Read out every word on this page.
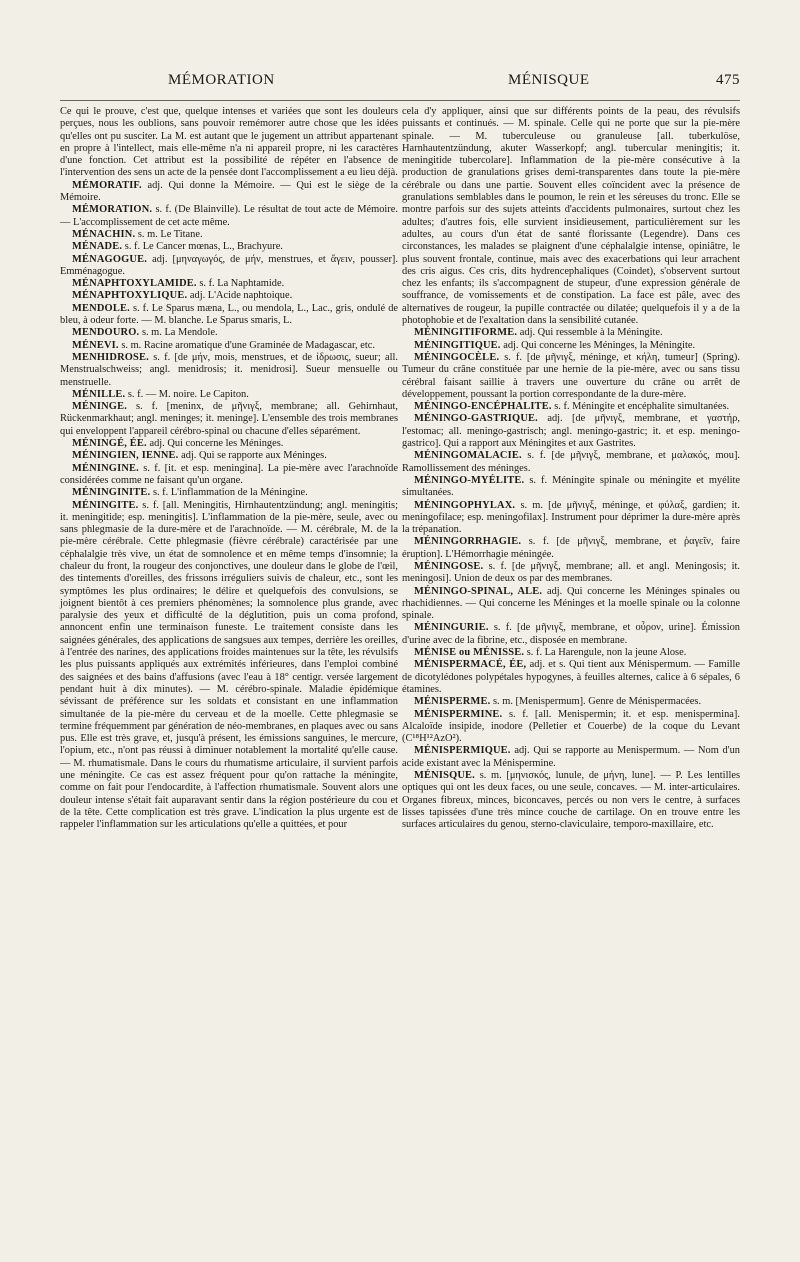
MÉMORATION	MÉNISQUE	475

Ce qui le prouve, c'est que, quelque intenses et variées que sont les douleurs perçues, nous les oublions, sans pouvoir remémorer autre chose que les idées qu'elles ont pu susciter. La M. est autant que le jugement un attribut appartenant en propre à l'intellect, mais elle-même n'a ni appareil propre, ni les caractères d'une fonction. Cet attribut est la possibilité de répéter en l'absence de l'intervention des sens un acte de la pensée dont l'accomplissement a eu lieu déjà.

MÉMORATIF. adj. Qui donne la Mémoire. — Qui est le siège de la Mémoire.

MÉMORATION. s. f. (De Blainville). Le résultat de tout acte de Mémoire. — L'accomplissement de cet acte même.

MÉNACHIN. s. m. Le Titane.

MÉNADE. s. f. Le Cancer mœnas, L., Brachyure.

MÉNAGOGUE. adj. [μηναγωγός, de μήν, menstrues, et ἄγειν, pousser]. Emménagogue.

MÉNAPHTOXYLAMIDE. s. f. La Naphtamide.

MÉNAPHTOXYLIQUE. adj. L'Acide naphtoique.

MENDOLE. s. f. Le Sparus mæna, L., ou mendola, L., Lac., gris, ondulé de bleu, à odeur forte. — M. blanche. Le Sparus smaris, L.

MENDOURO. s. m. La Mendole.

MÉNEVI. s. m. Racine aromatique d'une Graminée de Madagascar, etc.

MENHIDROSE. s. f. [de μήν, mois, menstrues, et de ἱδρωσις, sueur; all. Menstrualschweiss; angl. menidrosis; it. menidrosi]. Sueur mensuelle ou menstruelle.

MÉNILLE. s. f. — M. noire. Le Capiton.

MÉNINGE. s. f. [meninx, de μῆνιγξ, membrane; all. Gehirnhaut, Rückenmarkhaut; angl. meninges; it. meninge]. L'ensemble des trois membranes qui enveloppent l'appareil cérébro-spinal ou chacune d'elles séparément.

MÉNINGÉ, ÉE. adj. Qui concerne les Méninges.

MÉNINGIEN, IENNE. adj. Qui se rapporte aux Méninges.

MÉNINGINE. s. f. [it. et esp. meningina]. La pie-mère avec l'arachnoïde considérées comme ne faisant qu'un organe.

MÉNINGINITE. s. f. L'inflammation de la Méningine.

MÉNINGITE. s. f. [all. Meningitis, Hirnhautentzündung; angl. meningitis; it. meningitide; esp. meningitis]. L'inflammation de la pie-mère, seule, avec ou sans phlegmasie de la dure-mère et de l'arachnoïde. — M. cérébrale, M. de la pie-mère cérébrale. Cette phlegmasie (fièvre cérébrale) caractérisée par une céphalalgie très vive, un état de somnolence et en même temps d'insomnie; la chaleur du front, la rougeur des conjonctives, une douleur dans le globe de l'œil, des tintements d'oreilles, des frissons irréguliers suivis de chaleur, etc., sont les symptômes les plus ordinaires; le délire et quelquefois des convulsions, se joignent bientôt à ces premiers phénomènes; la somnolence plus grande, avec paralysie des yeux et difficulté de la déglutition, puis un coma profond, annoncent enfin une terminaison funeste. Le traitement consiste dans les saignées générales, des applications de sangsues aux tempes, derrière les oreilles, à l'entrée des narines, des applications froides maintenues sur la tête, les révulsifs les plus puissants appliqués aux extrémités inférieures, dans l'emploi combiné des saignées et des bains d'affusions (avec l'eau à 18° centigr. versée largement pendant huit à dix minutes). — M. cérébro-spinale. Maladie épidémique sévissant de préférence sur les soldats et consistant en une inflammation simultanée de la pie-mère du cerveau et de la moelle. Cette phlegmasie se termine fréquemment par génération de néo-membranes, en plaques avec ou sans pus. Elle est très grave, et, jusqu'à présent, les émissions sanguines, le mercure, l'opium, etc., n'ont pas réussi à diminuer notablement la mortalité qu'elle cause. — M. rhumatismale. Dans le cours du rhumatisme articulaire, il survient parfois une méningite. Ce cas est assez fréquent pour qu'on rattache la méningite, comme on fait pour l'endocardite, à l'affection rhumatismale. Souvent alors une douleur intense s'était fait auparavant sentir dans la région postérieure du cou et de la tête. Cette complication est très grave. L'indication la plus urgente est de rappeler l'inflammation sur les articulations qu'elle a quittées, et pour

cela d'y appliquer, ainsi que sur différents points de la peau, des révulsifs puissants et continués. — M. spinale. Celle qui ne porte que sur la pie-mère spinale. — M. tuberculeuse ou granuleuse [all. tuberkulöse, Harnhautentzündung, akuter Wasserkopf; angl. tubercular meningitis; it. meningitide tubercolare]. Inflammation de la pie-mère consécutive à la production de granulations grises demi-transparentes dans toute la pie-mère cérébrale ou dans une partie. Souvent elles coïncident avec la présence de granulations semblables dans le poumon, le rein et les séreuses du tronc. Elle se montre parfois sur des sujets atteints d'accidents pulmonaires, surtout chez les adultes; d'autres fois, elle survient insidieusement, particulièrement sur les adultes, au cours d'un état de santé florissante (Legendre). Dans ces circonstances, les malades se plaignent d'une céphalalgie intense, opiniâtre, le plus souvent frontale, continue, mais avec des exacerbations qui leur arrachent des cris aigus. Ces cris, dits hydrencephaliques (Coindet), s'observent surtout chez les enfants; ils s'accompagnent de stupeur, d'une expression générale de souffrance, de vomissements et de constipation. La face est pâle, avec des alternatives de rougeur, la pupille contractée ou dilatée; quelquefois il y a de la photophobie et de l'exaltation dans la sensibilité cutanée.

MÉNINGITIFORME. adj. Qui ressemble à la Méningite.

MÉNINGITIQUE. adj. Qui concerne les Méninges, la Méningite.

MÉNINGOCÈLE. s. f. [de μῆνιγξ, méninge, et κήλη, tumeur] (Spring). Tumeur du crâne constituée par une hernie de la pie-mère, avec ou sans tissu cérébral faisant saillie à travers une ouverture du crâne ou arrêt de développement, poussant la portion correspondante de la dure-mère.

MÉNINGO-ENCÉPHALITE. s. f. Méningite et encéphalite simultanées.

MÉNINGO-GASTRIQUE. adj. [de μῆνιγξ, membrane, et γαστήρ, l'estomac; all. meningo-gastrisch; angl. meningo-gastric; it. et esp. meningo-gastrico]. Qui a rapport aux Méningites et aux Gastrites.

MÉNINGOMALACIE. s. f. [de μῆνιγξ, membrane, et μαλακός, mou]. Ramollissement des méninges.

MÉNINGO-MYÉLITE. s. f. Méningite spinale ou méningite et myélite simultanées.

MÉNINGOPHYLAX. s. m. [de μῆνιγξ, méninge, et φύλαξ, gardien; it. meningofilace; esp. meningofilax]. Instrument pour déprimer la dure-mère après la trépanation.

MÉNINGORRHAGIE. s. f. [de μῆνιγξ, membrane, et ῥαγεῖν, faire éruption]. L'Hémorrhagie méningée.

MÉNINGOSE. s. f. [de μῆνιγξ, membrane; all. et angl. Meningosis; it. meningosi]. Union de deux os par des membranes.

MÉNINGO-SPINAL, ALE. adj. Qui concerne les Méninges spinales ou rhachidiennes. — Qui concerne les Méninges et la moelle spinale ou la colonne spinale.

MÉNINGURIE. s. f. [de μῆνιγξ, membrane, et οὖρον, urine]. Émission d'urine avec de la fibrine, etc., disposée en membrane.

MÉNISE ou MÉNISSE. s. f. La Harengule, non la jeune Alose.

MÉNISPERMACÉ, ÉE, adj. et s. Qui tient aux Ménispermum. — Famille de dicotylédones polypétales hypogynes, à feuilles alternes, calice à 6 sépales, 6 étamines.

MÉNISPERME. s. m. [Menispermum]. Genre de Ménispermacées.

MÉNISPERMINE. s. f. [all. Menispermin; it. et esp. menispermina]. Alcaloïde insipide, inodore (Pelletier et Couerbe) de la coque du Levant (C¹⁸H¹²AzO²).

MÉNISPERMIQUE. adj. Qui se rapporte au Menispermum. — Nom d'un acide existant avec la Ménispermine.

MÉNISQUE. s. m. [μηνισκός, lunule, de μήνη, lune]. — P. Les lentilles optiques qui ont les deux faces, ou une seule, concaves. — M. inter-articulaires. Organes fibreux, minces, biconcaves, percés ou non vers le centre, à surfaces lisses tapissées d'une très mince couche de cartilage. On en trouve entre les surfaces articulaires du genou, sterno-claviculaire, temporo-maxillaire, etc.
